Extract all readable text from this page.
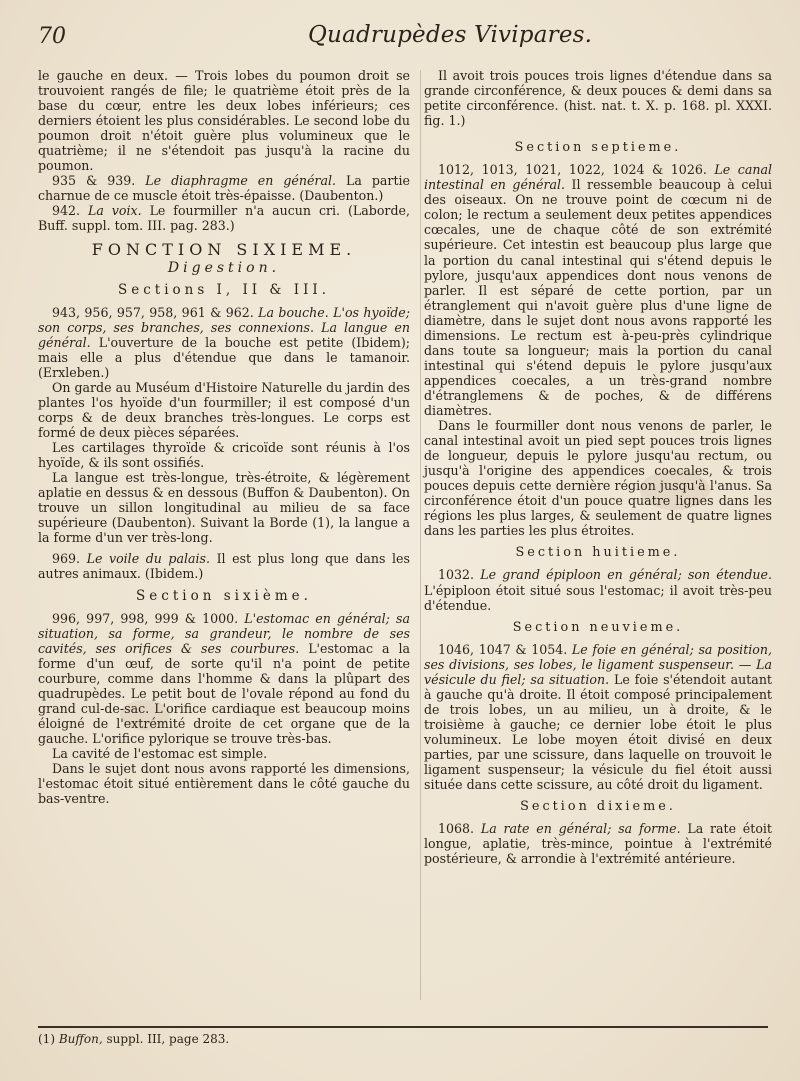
70	Quadrupèdes Vivipares.

le gauche en deux. — Trois lobes du poumon droit se trouvoient rangés de file; le quatrième étoit près de la base du cœur, entre les deux lobes inférieurs; ces derniers étoient les plus considérables. Le second lobe du poumon droit n'étoit guère plus volumineux que le quatrième; il ne s'étendoit pas jusqu'à la racine du poumon.

935 & 939. Le diaphragme en général. La partie charnue de ce muscle étoit très-épaisse. (Daubenton.)

942. La voix. Le fourmiller n'a aucun cri. (Laborde, Buff. suppl. tom. III. pag. 283.)

FONCTION SIXIEME.
Digestion.
Sections I, II & III.

943, 956, 957, 958, 961 & 962. La bouche. L'os hyoïde; son corps, ses branches, ses connexions. La langue en général. L'ouverture de la bouche est petite (Ibidem); mais elle a plus d'étendue que dans le tamanoir. (Erxleben.)

On garde au Muséum d'Histoire Naturelle du jardin des plantes l'os hyoïde d'un fourmiller; il est composé d'un corps & de deux branches très-longues. Le corps est formé de deux pièces séparées.

Les cartilages thyroïde & cricoïde sont réunis à l'os hyoïde, & ils sont ossifiés.

La langue est très-longue, très-étroite, & légèrement aplatie en dessus & en dessous (Buffon & Daubenton). On trouve un sillon longitudinal au milieu de sa face supérieure (Daubenton). Suivant la Borde (1), la langue a la forme d'un ver très-long.

969. Le voile du palais. Il est plus long que dans les autres animaux. (Ibidem.)

Section sixième.

996, 997, 998, 999 & 1000. L'estomac en général; sa situation, sa forme, sa grandeur, le nombre de ses cavités, ses orifices & ses courbures. L'estomac a la forme d'un œuf, de sorte qu'il n'a point de petite courbure, comme dans l'homme & dans la plûpart des quadrupèdes. Le petit bout de l'ovale répond au fond du grand cul-de-sac. L'orifice cardiaque est beaucoup moins éloigné de l'extrémité droite de cet organe que de la gauche. L'orifice pylorique se trouve très-bas.

La cavité de l'estomac est simple.

Dans le sujet dont nous avons rapporté les dimensions, l'estomac étoit situé entièrement dans le côté gauche du bas-ventre.

Il avoit trois pouces trois lignes d'étendue dans sa grande circonférence, & deux pouces & demi dans sa petite circonférence. (hist. nat. t. X. p. 168. pl. XXXI. fig. 1.)

Section septieme.

1012, 1013, 1021, 1022, 1024 & 1026. Le canal intestinal en général. Il ressemble beaucoup à celui des oiseaux. On ne trouve point de cœcum ni de colon; le rectum a seulement deux petites appendices cœcales, une de chaque côté de son extrémité supérieure. Cet intestin est beaucoup plus large que la portion du canal intestinal qui s'étend depuis le pylore, jusqu'aux appendices dont nous venons de parler. Il est séparé de cette portion, par un étranglement qui n'avoit guère plus d'une ligne de diamètre, dans le sujet dont nous avons rapporté les dimensions. Le rectum est à-peu-près cylindrique dans toute sa longueur; mais la portion du canal intestinal qui s'étend depuis le pylore jusqu'aux appendices coecales, a un très-grand nombre d'étranglemens & de poches, & de différens diamètres.

Dans le fourmiller dont nous venons de parler, le canal intestinal avoit un pied sept pouces trois lignes de longueur, depuis le pylore jusqu'au rectum, ou jusqu'à l'origine des appendices coecales, & trois pouces depuis cette dernière région jusqu'à l'anus. Sa circonférence étoit d'un pouce quatre lignes dans les régions les plus larges, & seulement de quatre lignes dans les parties les plus étroites.

Section huitieme.

1032. Le grand épiploon en général; son étendue. L'épiploon étoit situé sous l'estomac; il avoit très-peu d'étendue.

Section neuvieme.

1046, 1047 & 1054. Le foie en général; sa position, ses divisions, ses lobes, le ligament suspenseur. — La vésicule du fiel; sa situation. Le foie s'étendoit autant à gauche qu'à droite. Il étoit composé principalement de trois lobes, un au milieu, un à droite, & le troisième à gauche; ce dernier lobe étoit le plus volumineux. Le lobe moyen étoit divisé en deux parties, par une scissure, dans laquelle on trouvoit le ligament suspenseur; la vésicule du fiel étoit aussi située dans cette scissure, au côté droit du ligament.

Section dixieme.

1068. La rate en général; sa forme. La rate étoit longue, aplatie, très-mince, pointue à l'extrémité postérieure, & arrondie à l'extrémité antérieure.

(1) Buffon, suppl. III, page 283.
